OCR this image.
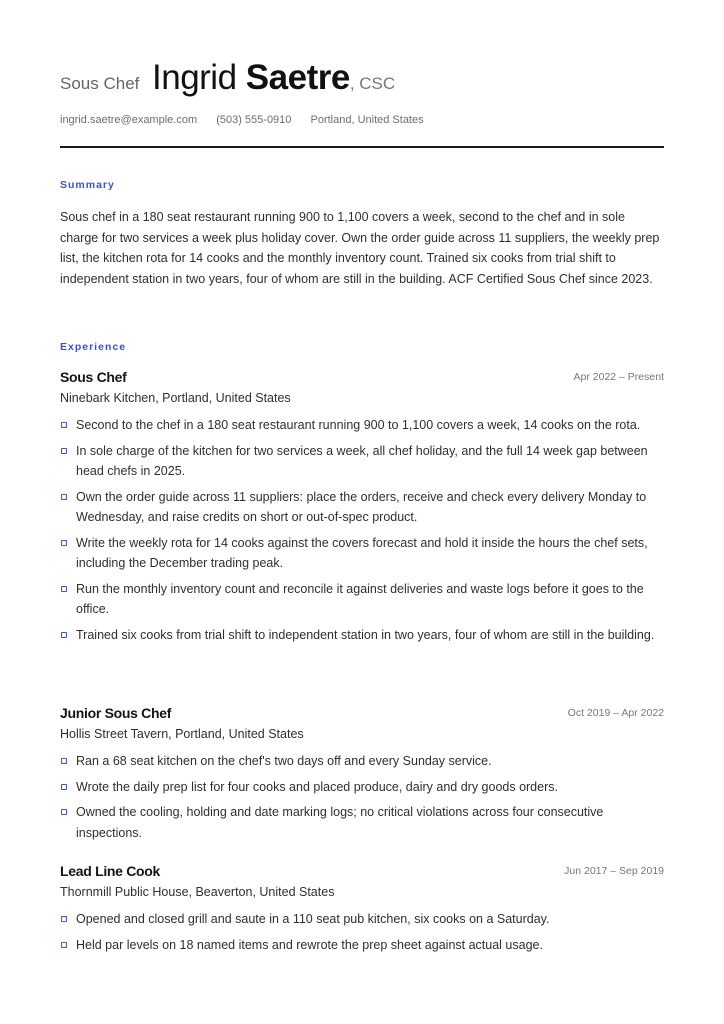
Sous Chef Ingrid Saetre, CSC
ingrid.saetre@example.com (503) 555-0910 Portland, United States
Summary
Sous chef in a 180 seat restaurant running 900 to 1,100 covers a week, second to the chef and in sole charge for two services a week plus holiday cover. Own the order guide across 11 suppliers, the weekly prep list, the kitchen rota for 14 cooks and the monthly inventory count. Trained six cooks from trial shift to independent station in two years, four of whom are still in the building. ACF Certified Sous Chef since 2023.
Experience
Sous Chef	Apr 2022 – Present
Ninebark Kitchen, Portland, United States
Second to the chef in a 180 seat restaurant running 900 to 1,100 covers a week, 14 cooks on the rota.
In sole charge of the kitchen for two services a week, all chef holiday, and the full 14 week gap between head chefs in 2025.
Own the order guide across 11 suppliers: place the orders, receive and check every delivery Monday to Wednesday, and raise credits on short or out-of-spec product.
Write the weekly rota for 14 cooks against the covers forecast and hold it inside the hours the chef sets, including the December trading peak.
Run the monthly inventory count and reconcile it against deliveries and waste logs before it goes to the office.
Trained six cooks from trial shift to independent station in two years, four of whom are still in the building.
Junior Sous Chef	Oct 2019 – Apr 2022
Hollis Street Tavern, Portland, United States
Ran a 68 seat kitchen on the chef's two days off and every Sunday service.
Wrote the daily prep list for four cooks and placed produce, dairy and dry goods orders.
Owned the cooling, holding and date marking logs; no critical violations across four consecutive inspections.
Lead Line Cook	Jun 2017 – Sep 2019
Thornmill Public House, Beaverton, United States
Opened and closed grill and saute in a 110 seat pub kitchen, six cooks on a Saturday.
Held par levels on 18 named items and rewrote the prep sheet against actual usage.
